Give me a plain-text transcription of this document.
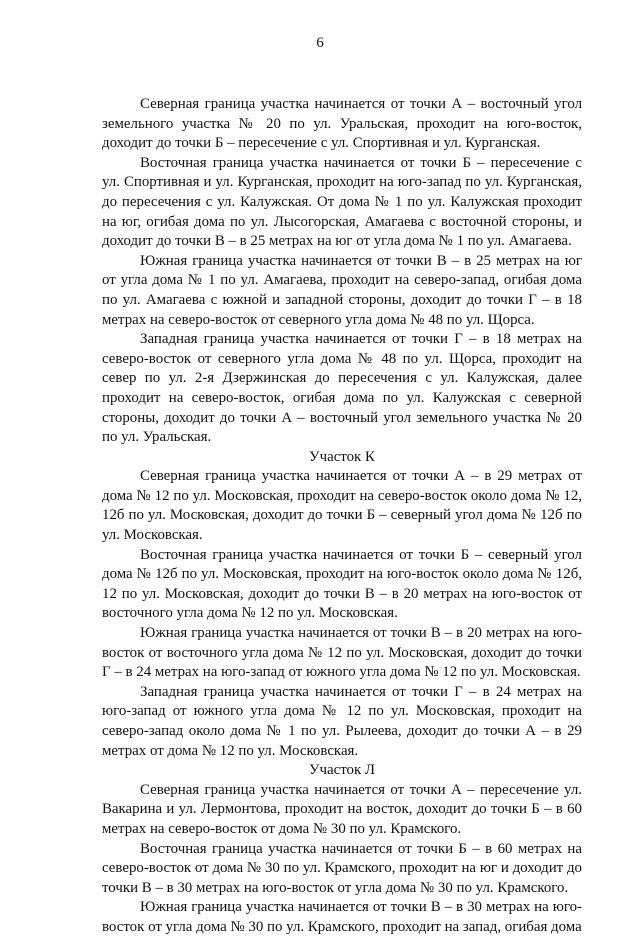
6

Северная граница участка начинается от точки А – восточный угол земельного участка № 20 по ул. Уральская, проходит на юго-восток, доходит до точки Б – пересечение с ул. Спортивная и ул. Курганская.

Восточная граница участка начинается от точки Б – пересечение с ул. Спортивная и ул. Курганская, проходит на юго-запад по ул. Курганская, до пересечения с ул. Калужская. От дома № 1 по ул. Калужская проходит на юг, огибая дома по ул. Лысогорская, Амагаева с восточной стороны, и доходит до точки В – в 25 метрах на юг от угла дома № 1 по ул. Амагаева.

Южная граница участка начинается от точки В – в 25 метрах на юг от угла дома № 1 по ул. Амагаева, проходит на северо-запад, огибая дома по ул. Амагаева с южной и западной стороны, доходит до точки Г – в 18 метрах на северо-восток от северного угла дома № 48 по ул. Щорса.

Западная граница участка начинается от точки Г – в 18 метрах на северо-восток от северного угла дома № 48 по ул. Щорса, проходит на север по ул. 2-я Дзержинская до пересечения с ул. Калужская, далее проходит на северо-восток, огибая дома по ул. Калужская с северной стороны, доходит до точки А – восточный угол земельного участка № 20 по ул. Уральская.

Участок К

Северная граница участка начинается от точки А – в 29 метрах от дома № 12 по ул. Московская, проходит на северо-восток около дома № 12, 12б по ул. Московская, доходит до точки Б – северный угол дома № 12б по ул. Московская.

Восточная граница участка начинается от точки Б – северный угол дома № 12б по ул. Московская, проходит на юго-восток около дома № 12б, 12 по ул. Московская, доходит до точки В – в 20 метрах на юго-восток от восточного угла дома № 12 по ул. Московская.

Южная граница участка начинается от точки В – в 20 метрах на юго-восток от восточного угла дома № 12 по ул. Московская, доходит до точки Г – в 24 метрах на юго-запад от южного угла дома № 12 по ул. Московская.

Западная граница участка начинается от точки Г – в 24 метрах на юго-запад от южного угла дома № 12 по ул. Московская, проходит на северо-запад около дома № 1 по ул. Рылеева, доходит до точки А – в 29 метрах от дома № 12 по ул. Московская.

Участок Л

Северная граница участка начинается от точки А – пересечение ул. Вакарина и ул. Лермонтова, проходит на восток, доходит до точки Б – в 60 метрах на северо-восток от дома № 30 по ул. Крамского.

Восточная граница участка начинается от точки Б – в 60 метрах на северо-восток от дома № 30 по ул. Крамского, проходит на юг и доходит до точки В – в 30 метрах на юго-восток от угла дома № 30 по ул. Крамского.

Южная граница участка начинается от точки В – в 30 метрах на юго-восток от угла дома № 30 по ул. Крамского, проходит на запад, огибая дома
